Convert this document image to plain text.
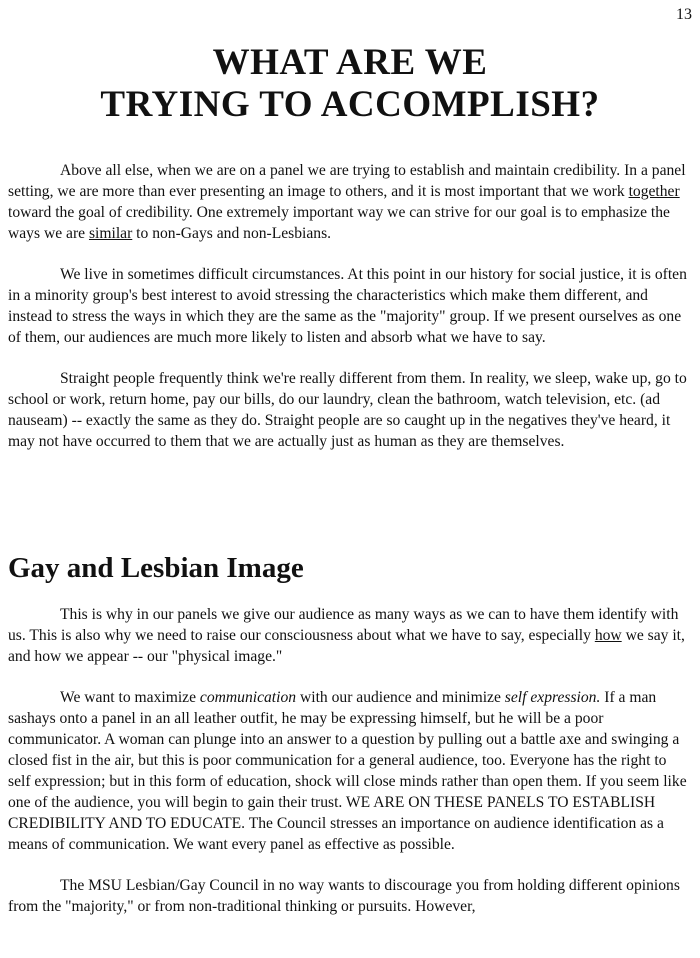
13
WHAT ARE WE
TRYING TO ACCOMPLISH?

Above all else, when we are on a panel we are trying to establish and maintain credibility. In a panel setting, we are more than ever presenting an image to others, and it is most important that we work together toward the goal of credibility. One extremely important way we can strive for our goal is to emphasize the ways we are similar to non-Gays and non-Lesbians.

We live in sometimes difficult circumstances. At this point in our history for social justice, it is often in a minority group's best interest to avoid stressing the characteristics which make them different, and instead to stress the ways in which they are the same as the "majority" group. If we present ourselves as one of them, our audiences are much more likely to listen and absorb what we have to say.

Straight people frequently think we're really different from them. In reality, we sleep, wake up, go to school or work, return home, pay our bills, do our laundry, clean the bathroom, watch television, etc. (ad nauseam) -- exactly the same as they do. Straight people are so caught up in the negatives they've heard, it may not have occurred to them that we are actually just as human as they are themselves.

Gay and Lesbian Image

This is why in our panels we give our audience as many ways as we can to have them identify with us. This is also why we need to raise our consciousness about what we have to say, especially how we say it, and how we appear -- our "physical image."

We want to maximize communication with our audience and minimize self expression. If a man sashays onto a panel in an all leather outfit, he may be expressing himself, but he will be a poor communicator. A woman can plunge into an answer to a question by pulling out a battle axe and swinging a closed fist in the air, but this is poor communication for a general audience, too. Everyone has the right to self expression; but in this form of education, shock will close minds rather than open them. If you seem like one of the audience, you will begin to gain their trust. WE ARE ON THESE PANELS TO ESTABLISH CREDIBILITY AND TO EDUCATE. The Council stresses an importance on audience identification as a means of communication. We want every panel as effective as possible.

The MSU Lesbian/Gay Council in no way wants to discourage you from holding different opinions from the "majority," or from non-traditional thinking or pursuits. However,
